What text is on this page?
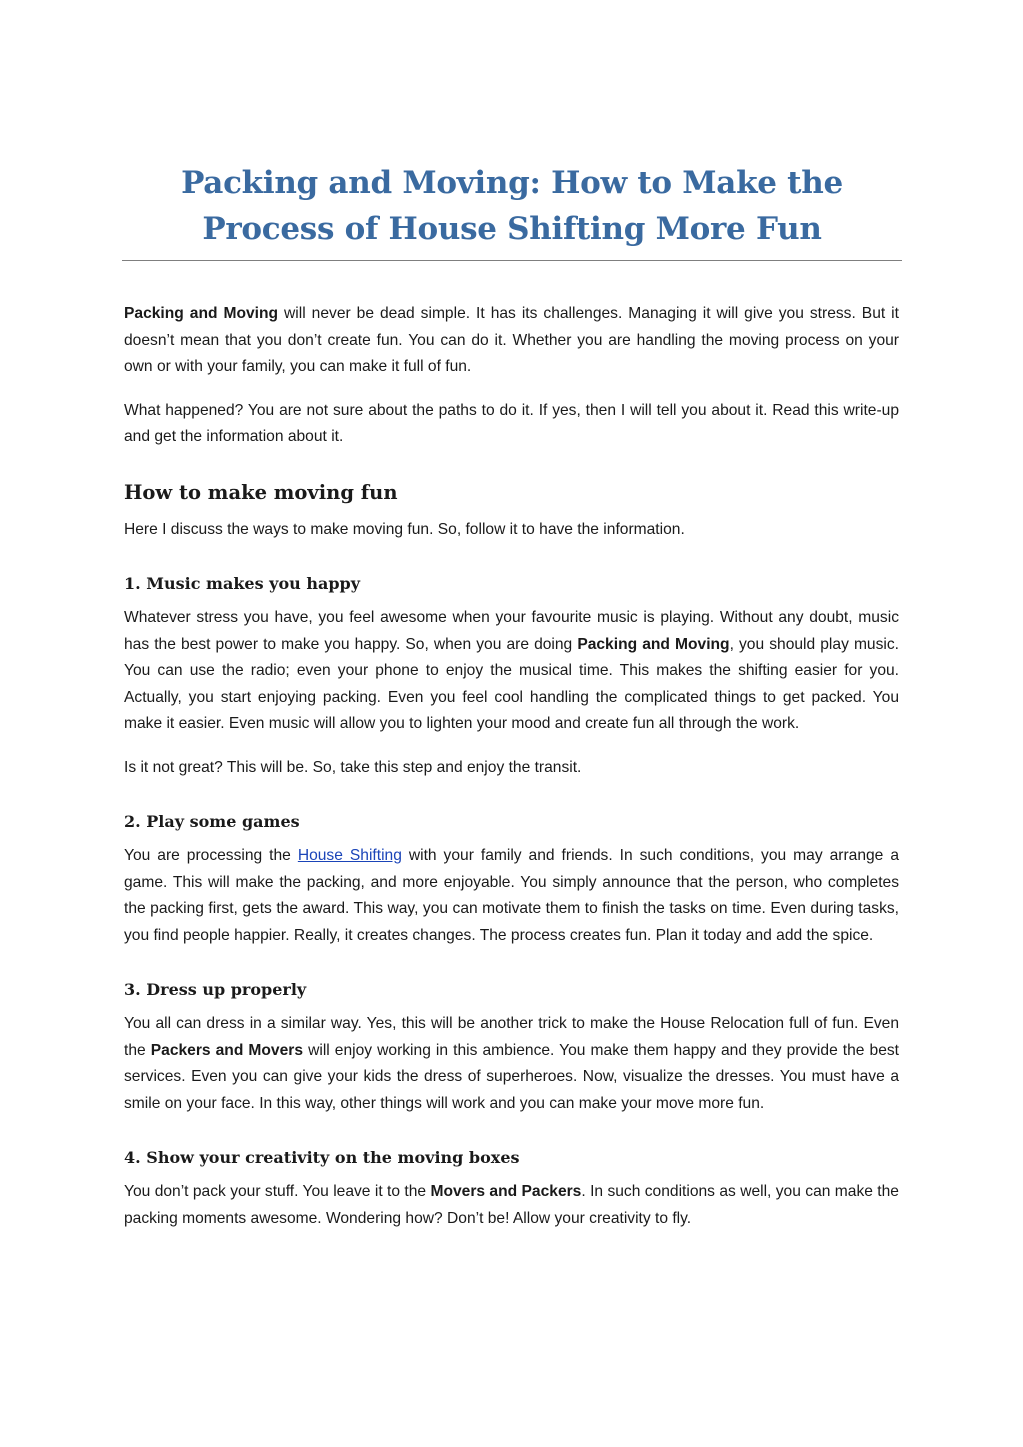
Packing and Moving: How to Make the Process of House Shifting More Fun

Packing and Moving will never be dead simple. It has its challenges. Managing it will give you stress. But it doesn’t mean that you don’t create fun. You can do it. Whether you are handling the moving process on your own or with your family, you can make it full of fun.

What happened? You are not sure about the paths to do it. If yes, then I will tell you about it. Read this write-up and get the information about it.

How to make moving fun

Here I discuss the ways to make moving fun. So, follow it to have the information.

1. Music makes you happy

Whatever stress you have, you feel awesome when your favourite music is playing. Without any doubt, music has the best power to make you happy. So, when you are doing Packing and Moving, you should play music. You can use the radio; even your phone to enjoy the musical time. This makes the shifting easier for you. Actually, you start enjoying packing. Even you feel cool handling the complicated things to get packed. You make it easier. Even music will allow you to lighten your mood and create fun all through the work.

Is it not great? This will be. So, take this step and enjoy the transit.

2. Play some games

You are processing the House Shifting with your family and friends. In such conditions, you may arrange a game. This will make the packing, and more enjoyable. You simply announce that the person, who completes the packing first, gets the award. This way, you can motivate them to finish the tasks on time. Even during tasks, you find people happier. Really, it creates changes. The process creates fun. Plan it today and add the spice.

3. Dress up properly

You all can dress in a similar way. Yes, this will be another trick to make the House Relocation full of fun. Even the Packers and Movers will enjoy working in this ambience. You make them happy and they provide the best services. Even you can give your kids the dress of superheroes. Now, visualize the dresses. You must have a smile on your face. In this way, other things will work and you can make your move more fun.

4. Show your creativity on the moving boxes

You don’t pack your stuff. You leave it to the Movers and Packers. In such conditions as well, you can make the packing moments awesome. Wondering how? Don’t be! Allow your creativity to fly.
